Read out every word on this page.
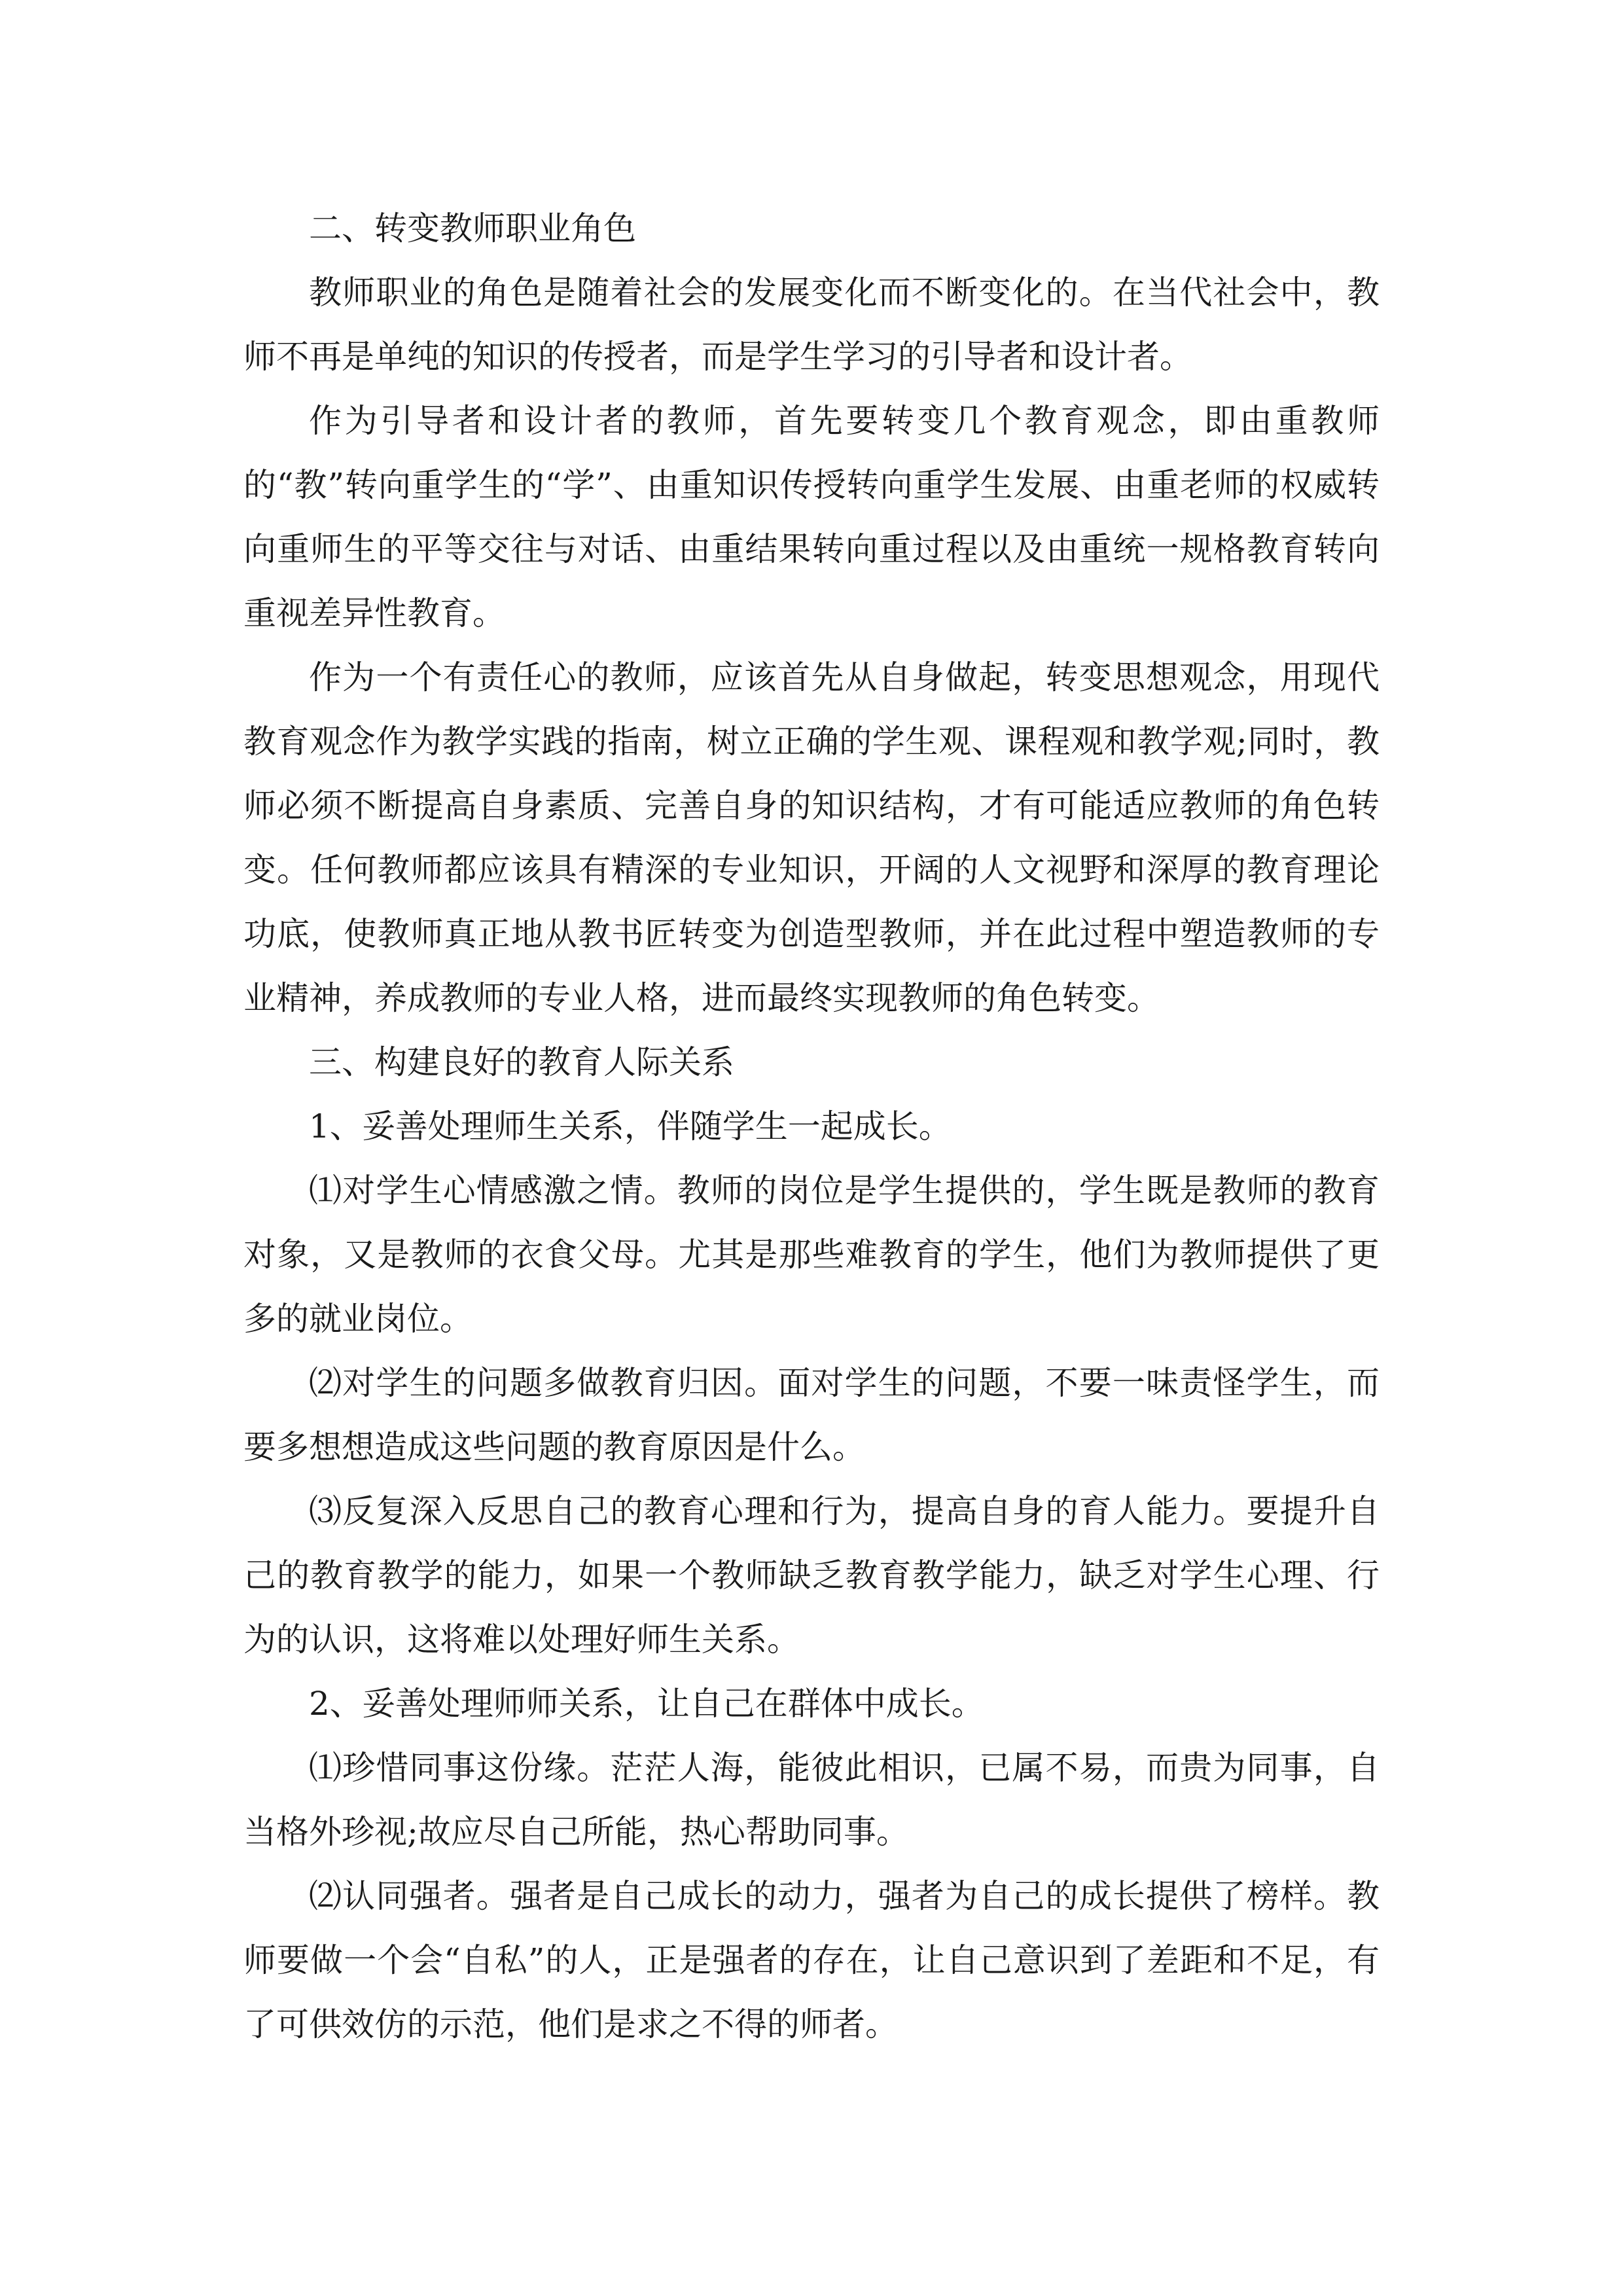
二、转变教师职业角色

教师职业的角色是随着社会的发展变化而不断变化的。在当代社会中，教师不再是单纯的知识的传授者，而是学生学习的引导者和设计者。

作为引导者和设计者的教师，首先要转变几个教育观念，即由重教师的“教”转向重学生的“学”、由重知识传授转向重学生发展、由重老师的权威转向重师生的平等交往与对话、由重结果转向重过程以及由重统一规格教育转向重视差异性教育。

作为一个有责任心的教师，应该首先从自身做起，转变思想观念，用现代教育观念作为教学实践的指南，树立正确的学生观、课程观和教学观;同时，教师必须不断提高自身素质、完善自身的知识结构，才有可能适应教师的角色转变。任何教师都应该具有精深的专业知识，开阔的人文视野和深厚的教育理论功底，使教师真正地从教书匠转变为创造型教师，并在此过程中塑造教师的专业精神，养成教师的专业人格，进而最终实现教师的角色转变。

三、构建良好的教育人际关系

1、妥善处理师生关系，伴随学生一起成长。

⑴对学生心情感激之情。教师的岗位是学生提供的，学生既是教师的教育对象，又是教师的衣食父母。尤其是那些难教育的学生，他们为教师提供了更多的就业岗位。

⑵对学生的问题多做教育归因。面对学生的问题，不要一味责怪学生，而要多想想造成这些问题的教育原因是什么。

⑶反复深入反思自己的教育心理和行为，提高自身的育人能力。要提升自己的教育教学的能力，如果一个教师缺乏教育教学能力，缺乏对学生心理、行为的认识，这将难以处理好师生关系。

2、妥善处理师师关系，让自己在群体中成长。

⑴珍惜同事这份缘。茫茫人海，能彼此相识，已属不易，而贵为同事，自当格外珍视;故应尽自己所能，热心帮助同事。

⑵认同强者。强者是自己成长的动力，强者为自己的成长提供了榜样。教师要做一个会“自私”的人，正是强者的存在，让自己意识到了差距和不足，有了可供效仿的示范，他们是求之不得的师者。
